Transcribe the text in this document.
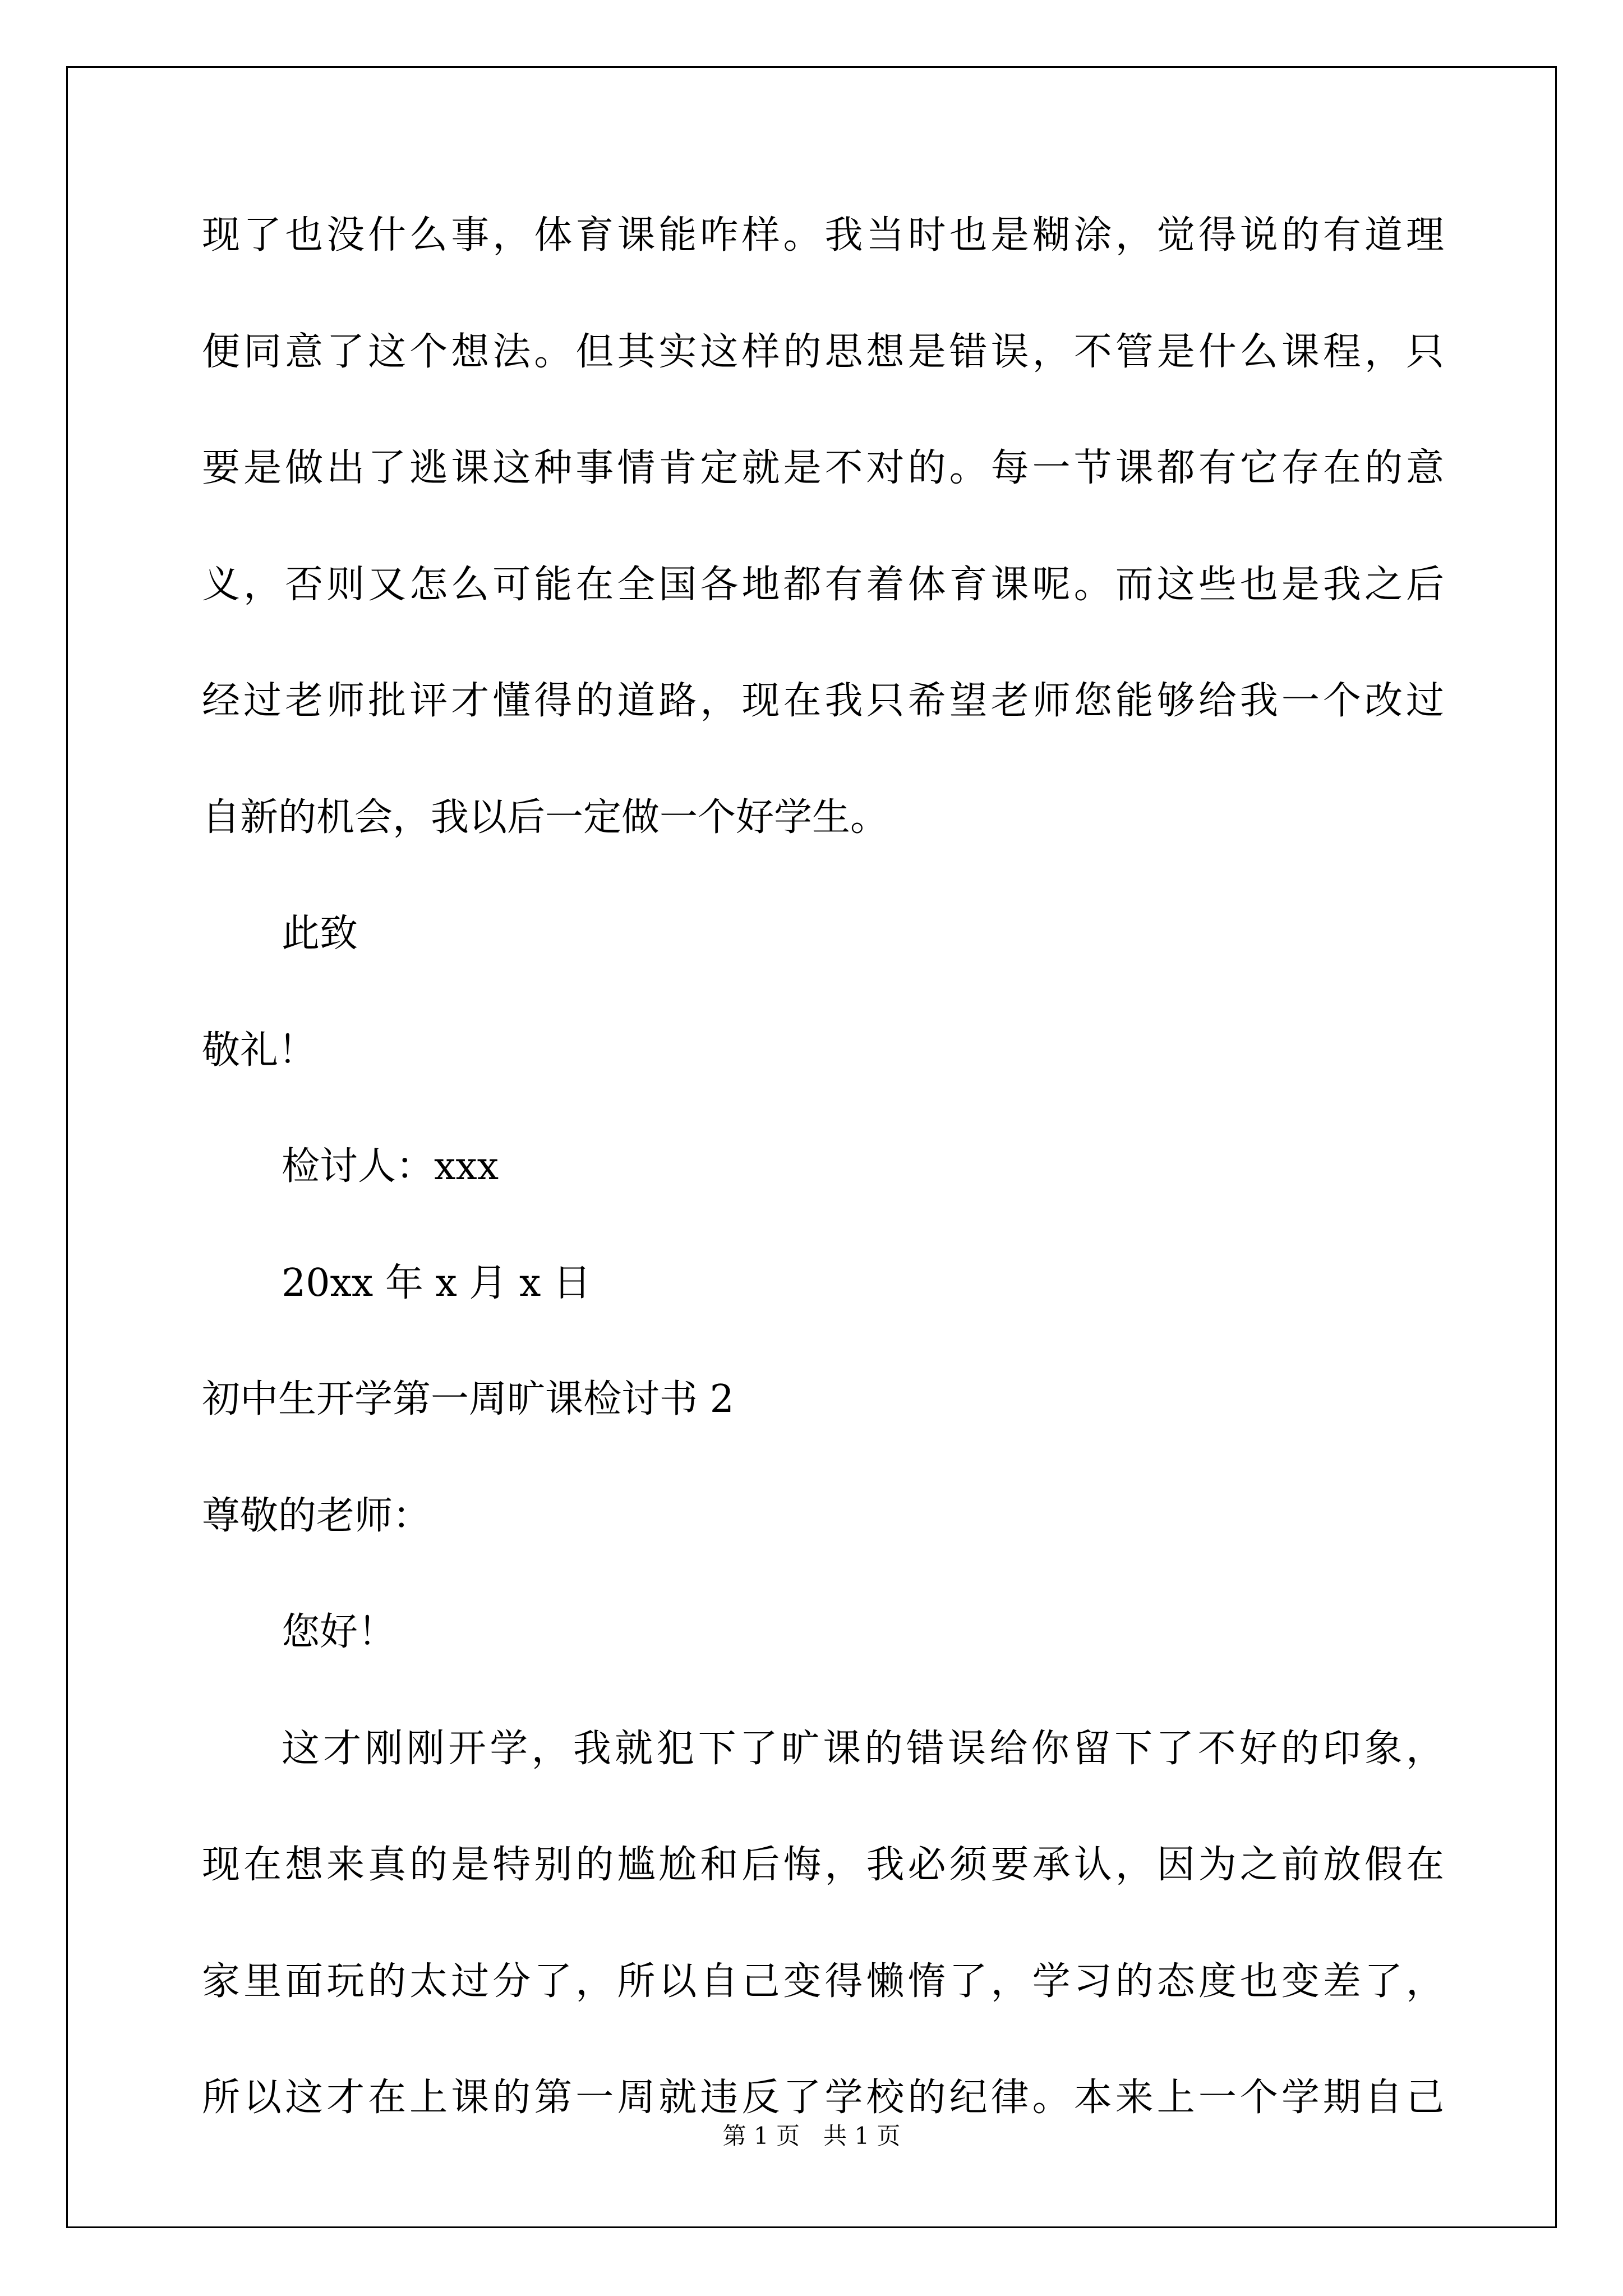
现了也没什么事，体育课能咋样。我当时也是糊涂，觉得说的有道理
便同意了这个想法。但其实这样的思想是错误，不管是什么课程，只
要是做出了逃课这种事情肯定就是不对的。每一节课都有它存在的意
义，否则又怎么可能在全国各地都有着体育课呢。而这些也是我之后
经过老师批评才懂得的道路，现在我只希望老师您能够给我一个改过
自新的机会，我以后一定做一个好学生。
此致
敬礼！
检讨人：xxx
20xx 年 x 月 x 日
初中生开学第一周旷课检讨书 2
尊敬的老师：
您好！
这才刚刚开学，我就犯下了旷课的错误给你留下了不好的印象，
现在想来真的是特别的尴尬和后悔，我必须要承认，因为之前放假在
家里面玩的太过分了，所以自己变得懒惰了，学习的态度也变差了，
所以这才在上课的第一周就违反了学校的纪律。本来上一个学期自己
第 1 页　共 1 页
